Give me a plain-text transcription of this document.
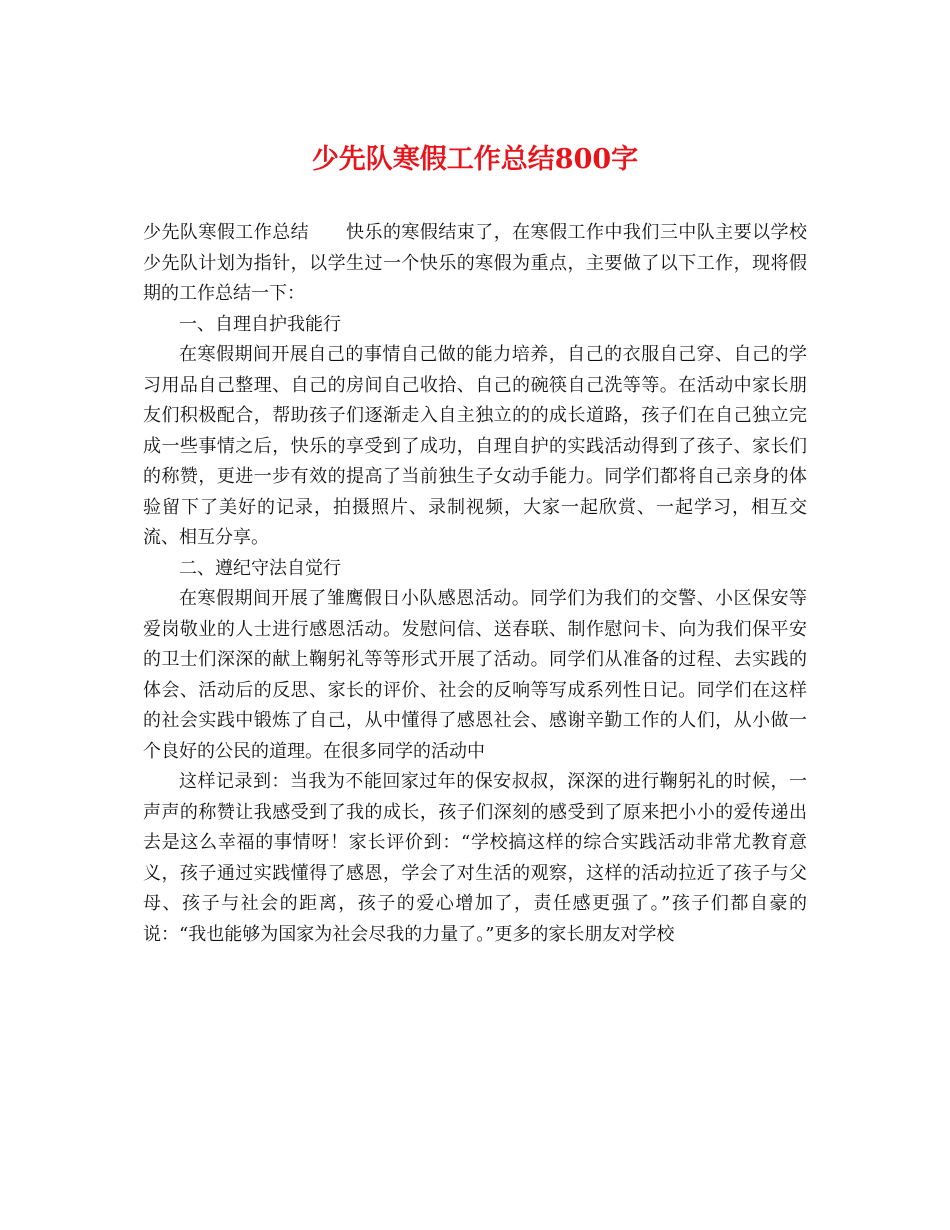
少先队寒假工作总结800字

少先队寒假工作总结 快乐的寒假结束了，在寒假工作中我们三中队主要以学校少先队计划为指针，以学生过一个快乐的寒假为重点，主要做了以下工作，现将假期的工作总结一下：

一、自理自护我能行

在寒假期间开展自己的事情自己做的能力培养，自己的衣服自己穿、自己的学习用品自己整理、自己的房间自己收拾、自己的碗筷自己洗等等。在活动中家长朋友们积极配合，帮助孩子们逐渐走入自主独立的的成长道路，孩子们在自己独立完成一些事情之后，快乐的享受到了成功，自理自护的实践活动得到了孩子、家长们的称赞，更进一步有效的提高了当前独生子女动手能力。同学们都将自己亲身的体验留下了美好的记录，拍摄照片、录制视频，大家一起欣赏、一起学习，相互交流、相互分享。

二、遵纪守法自觉行

在寒假期间开展了雏鹰假日小队感恩活动。同学们为我们的交警、小区保安等爱岗敬业的人士进行感恩活动。发慰问信、送春联、制作慰问卡、向为我们保平安的卫士们深深的献上鞠躬礼等等形式开展了活动。同学们从准备的过程、去实践的体会、活动后的反思、家长的评价、社会的反响等写成系列性日记。同学们在这样的社会实践中锻炼了自己，从中懂得了感恩社会、感谢辛勤工作的人们，从小做一个良好的公民的道理。在很多同学的活动中

这样记录到：当我为不能回家过年的保安叔叔，深深的进行鞠躬礼的时候，一声声的称赞让我感受到了我的成长，孩子们深刻的感受到了原来把小小的爱传递出去是这么幸福的事情呀！家长评价到：“学校搞这样的综合实践活动非常尤教育意义，孩子通过实践懂得了感恩，学会了对生活的观察，这样的活动拉近了孩子与父母、孩子与社会的距离，孩子的爱心增加了，责任感更强了。”孩子们都自豪的说：“我也能够为国家为社会尽我的力量了。”更多的家长朋友对学校
